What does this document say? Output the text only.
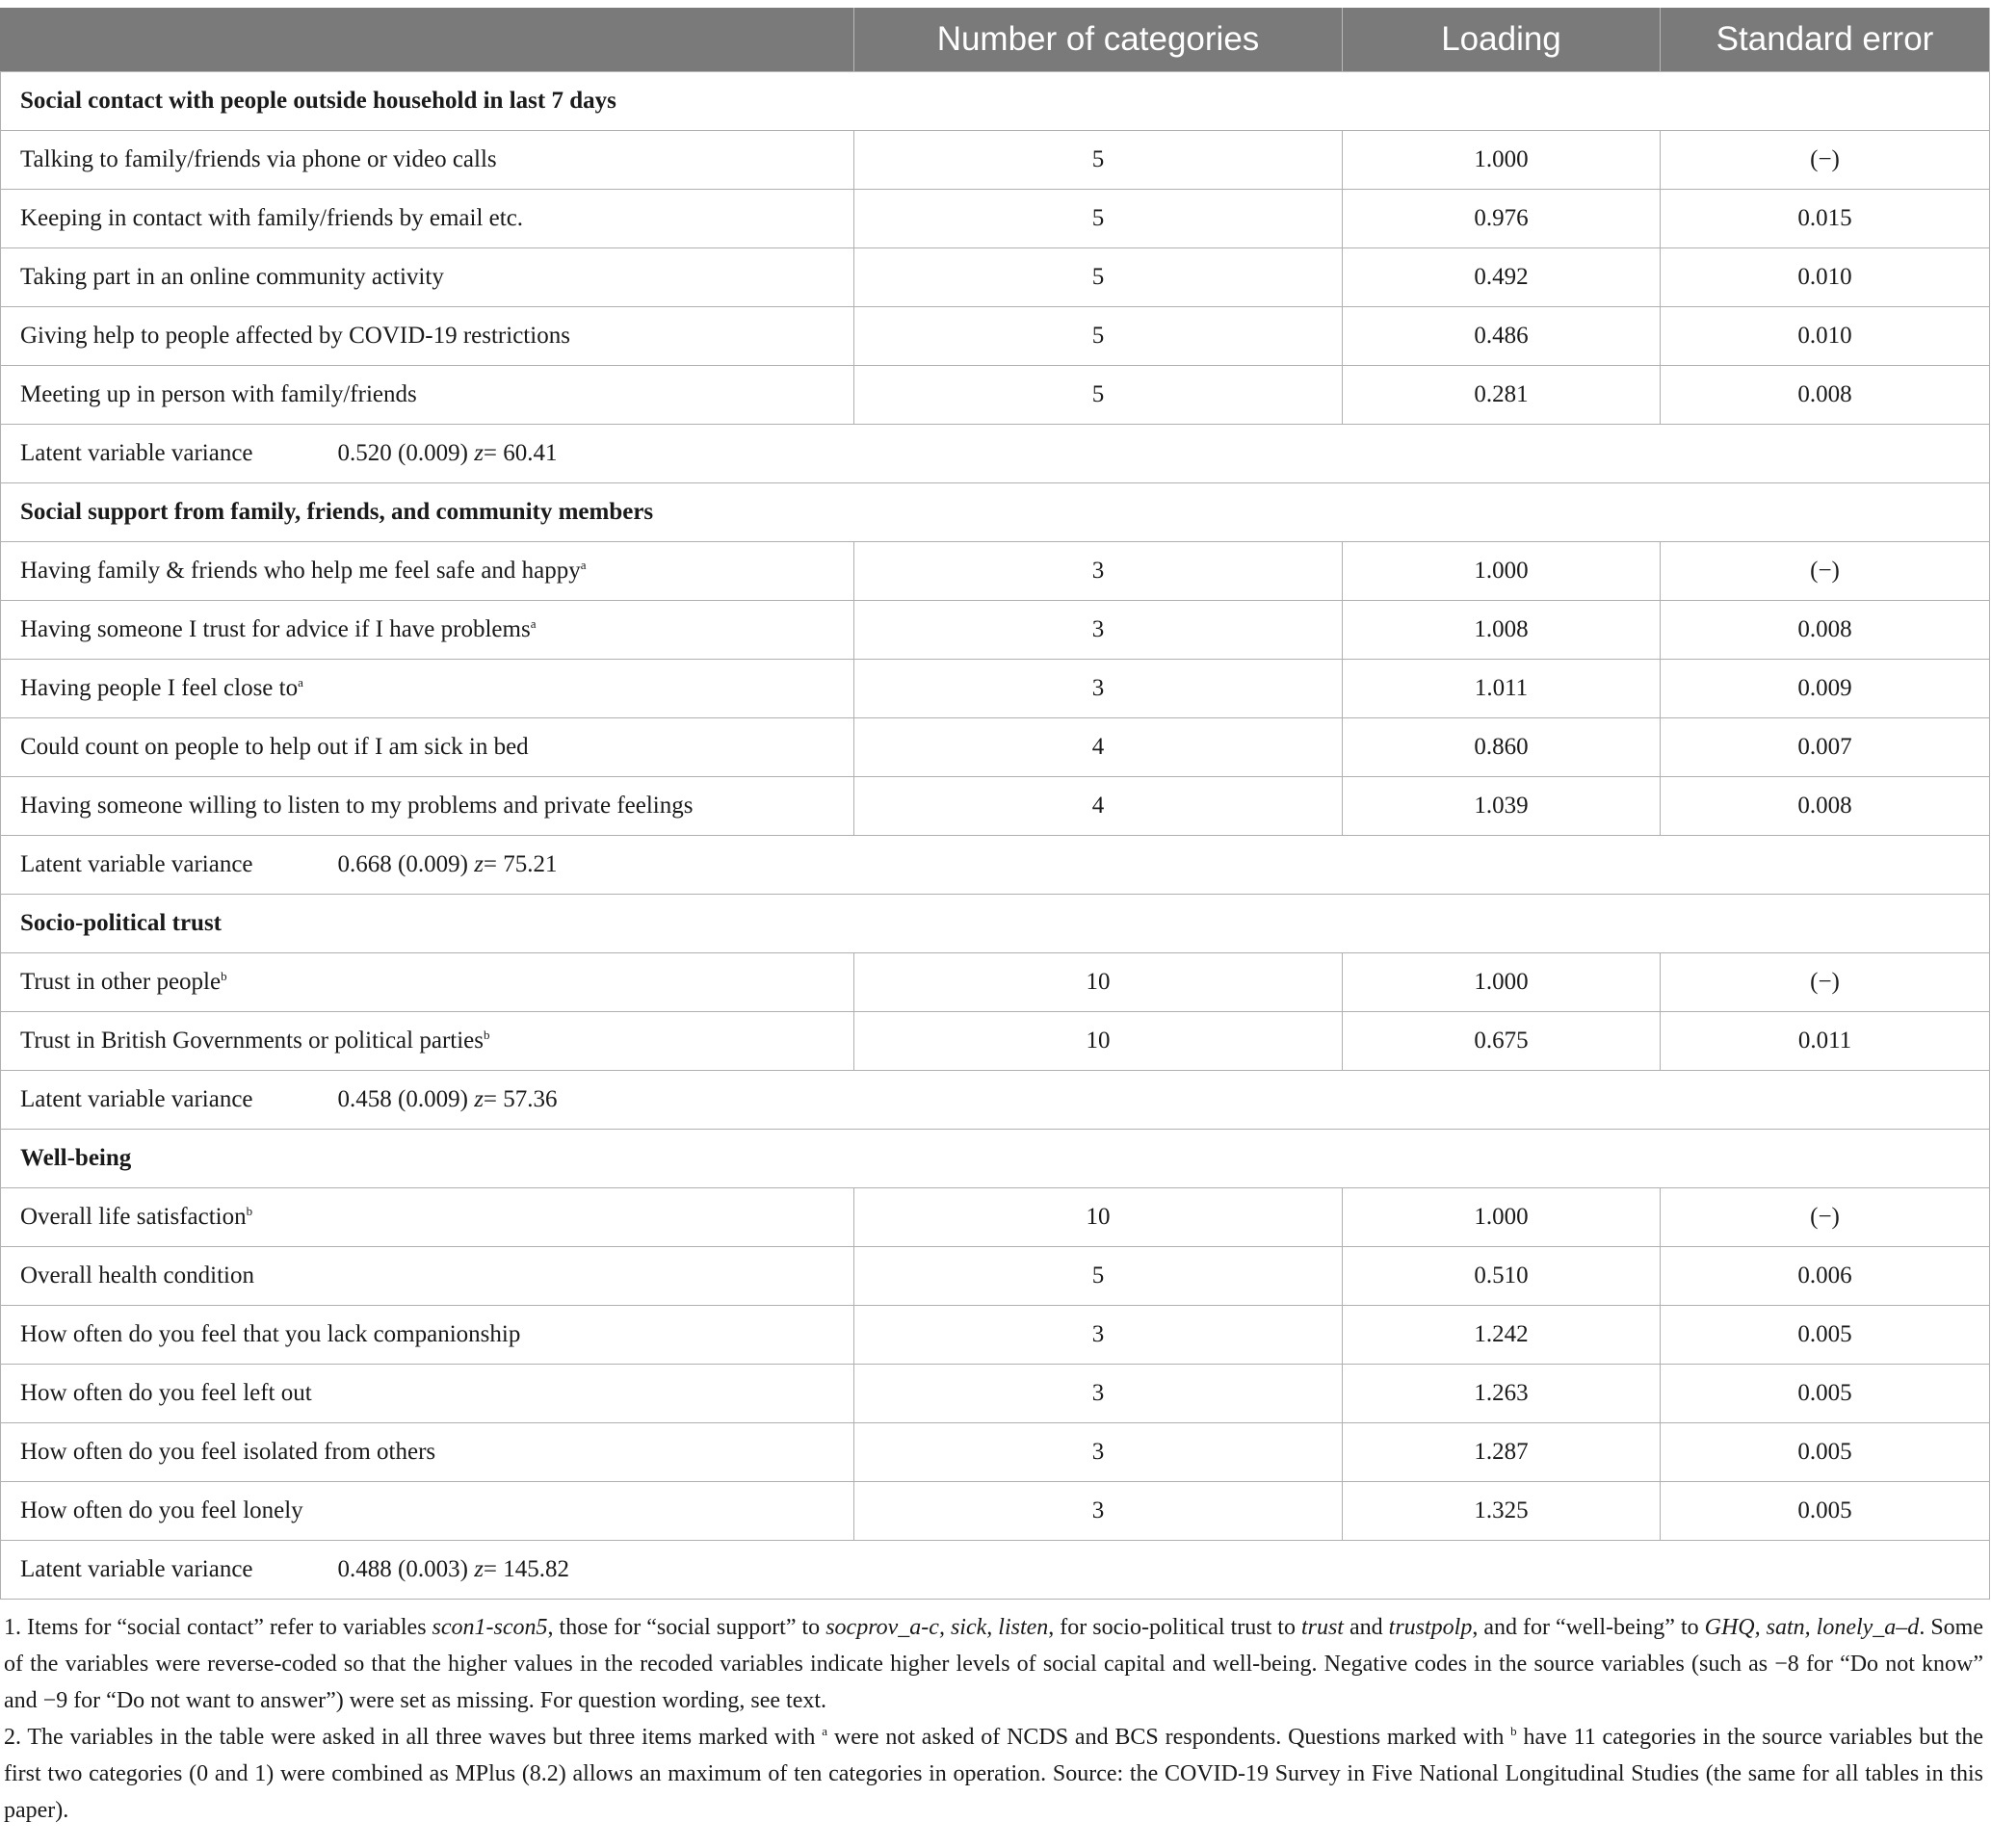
	Number of categories	Loading	Standard error
Social contact with people outside household in last 7 days			
Talking to family/friends via phone or video calls	5	1.000	(−)
Keeping in contact with family/friends by email etc.	5	0.976	0.015
Taking part in an online community activity	5	0.492	0.010
Giving help to people affected by COVID-19 restrictions	5	0.486	0.010
Meeting up in person with family/friends	5	0.281	0.008
Latent variable variance 0.520 (0.009) z= 60.41			
Social support from family, friends, and community members			
Having family & friends who help me feel safe and happy$^a$	3	1.000	(−)
Having someone I trust for advice if I have problems$^a$	3	1.008	0.008
Having people I feel close $to^a$	3	1.011	0.009
Could count on people to help out if I am sick in bed	4	0.860	0.007
Having someone willing to listen to my problems and private feelings	4	1.039	0.008
Latent variable variance 0.668 (0.009) z= 75.21			
Socio-political trust			
Trust in other people$^b$	10	1.000	(−)
Trust in British Governments or political parties$^b$	10	0.675	0.011
Latent variable variance 0.458 (0.009) z= 57.36			
Well-being			
Overall life satisfaction$^b$	10	1.000	(−)
Overall health condition	5	0.510	0.006
How often do you feel that you lack companionship	3	1.242	0.005
How often do you feel left out	3	1.263	0.005
How often do you feel isolated from others	3	1.287	0.005
How often do you feel lonely	3	1.325	0.005
Latent variable variance 0.488 (0.003) z= 145.82			

1. Items for “social contact” refer to variables scon1-scon5, those for “social support” to socprov_a-c, sick, listen, for socio-political trust to trust and trustpolp, and for “well-being” to GHQ, satn, lonely_a–d. Some of the variables were reverse-coded so that the higher values in the recoded variables indicate higher levels of social capital and well-being. Negative codes in the source variables (such as −8 for “Do not know” and −9 for “Do not want to answer”) were set as missing. For question wording, see text.

2. The variables in the table were asked in all three waves but three items marked with $^a$ were not asked of NCDS and BCS respondents. Questions marked with $^b$ have 11 categories in the source variables but the first two categories (0 and 1) were combined as MPlus (8.2) allows an maximum of ten categories in operation. Source: the COVID-19 Survey in Five National Longitudinal Studies (the same for all tables in this paper).
